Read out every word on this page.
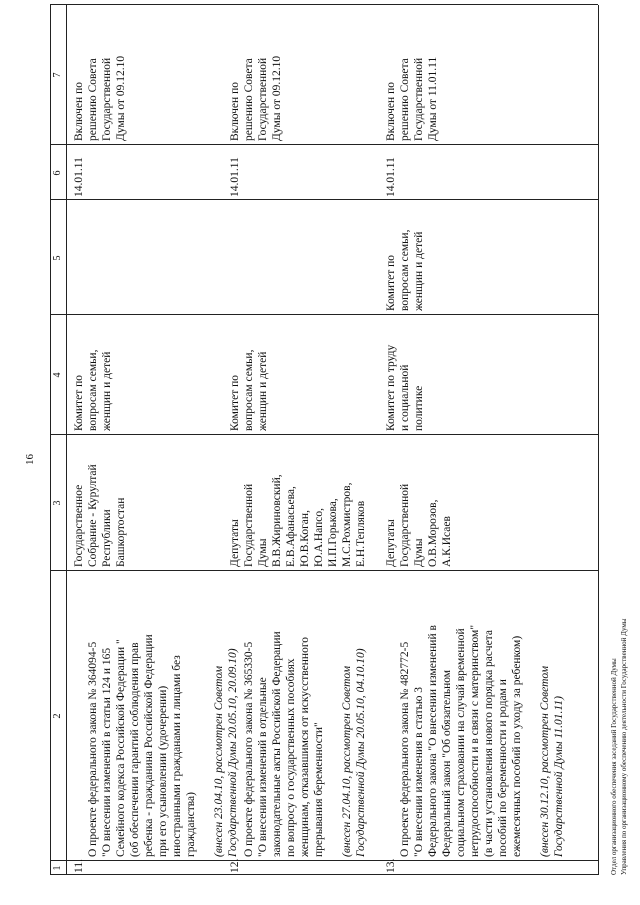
16
1
2
3
4
5
6
7
11.

О проекте федерального закона № 364094-5
"О внесении изменений в статьи 124 и 165
Семейного кодекса Российской Федерации "
(об обеспечении гарантий соблюдения прав
ребенка - гражданина Российской Федерации
при его усыновлении (удочерении)
иностранными гражданами и лицами без
гражданства) (внесен 23.04.10, рассмотрен Советом
Государственной Думы 20.05.10, 20.09.10)

Государственное
Собрание - Курултай
Республики
Башкортостан
Комитет по
вопросам семьи,
женщин и детей
14.01.11
Включен по
решению Совета
Государственной
Думы от 09.12.10
12.

О проекте федерального закона № 365330-5
"О внесении изменений в отдельные
законодательные акты Российской Федерации
по вопросу о государственных пособиях
женщинам, отказавшимся от искусственного
прерывания беременности"

(внесен 27.04.10, рассмотрен Советом
Государственной Думы 20.05.10, 04.10.10)

Депутаты
Государственной
Думы
В.В.Жириновский,
Е.В.Афанасьева,
Ю.В.Коган,
Ю.А.Напсо,
И.П.Горькова,
М.С.Рохмистров,
Е.Н.Тепляков
Комитет по
вопросам семьи,
женщин и детей
14.01.11
Включен по
решению Совета
Государственной
Думы от 09.12.10
13.

О проекте федерального закона № 482772-5
"О внесении изменения в статью 3
Федерального закона "О внесении изменений в
Федеральный закон "Об обязательном
социальном страховании на случай временной
нетрудоспособности и в связи с материнством"
(в части установления нового порядка расчета
пособий по беременности и родам и
ежемесячных пособий по уходу за ребенком)

(внесен 30.12.10, рассмотрен Советом
Государственной Думы 11.01.11)

Депутаты
Государственной
Думы
О.В.Морозов,
А.К.Исаев
Комитет по труду
и социальной
политике
Комитет по
вопросам семьи,
женщин и детей
14.01.11
Включен по
решению Совета
Государственной
Думы от 11.01.11
Отдел организационного обеспечения заседаний Государственной Думы Управления по организационному обеспечению деятельности Государственной Думы
